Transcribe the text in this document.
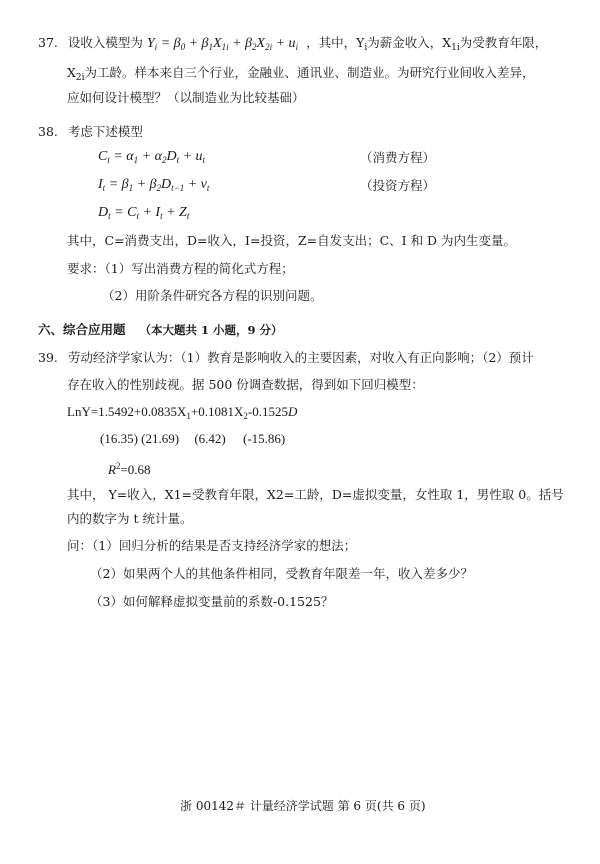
37. 设收入模型为 $Y_i = \beta_0 + \beta_1X_{1i} + \beta_2X_{2i} + u_i$ ，其中，$Y_i$为薪金收入，$X_{1i}$为受教育年限，
$X_{2i}$为工龄。样本来自三个行业，金融业、通讯业、制造业。为研究行业间收入差异，
应如何设计模型？（以制造业为比较基础）
38. 考虑下述模型
$C_t = \alpha_1 + \alpha_2D_t + u_t$	（消费方程）
$I_t = \beta_1 + \beta_2D_{t-1} + v_t$	（投资方程）
$D_t = C_t + I_t + Z_t$
其中，C=消费支出，D=收入，I=投资，Z=自发支出；C、I 和 D 为内生变量。
要求：（1）写出消费方程的简化式方程；
（2）用阶条件研究各方程的识别问题。
六、综合应用题 （本大题共 1 小题，9 分）
39. 劳动经济学家认为：（1）教育是影响收入的主要因素，对收入有正向影响；（2）预计
存在收入的性别歧视。据 500 份调查数据，得到如下回归模型：
$LnY=1.5492+0.0835X_1+0.1081X_2-0.1525D$
(16.35) (21.69) (6.42) (-15.86)
$R^2=0.68$
其中， Y=收入，X1=受教育年限，X2=工龄，D=虚拟变量，女性取 1，男性取 0。括号
内的数字为 t 统计量。
问：（1）回归分析的结果是否支持经济学家的想法；
（2）如果两个人的其他条件相同，受教育年限差一年，收入差多少？
（3）如何解释虚拟变量前的系数-0.1525？
浙 00142＃ 计量经济学试题 第 6 页(共 6 页)
